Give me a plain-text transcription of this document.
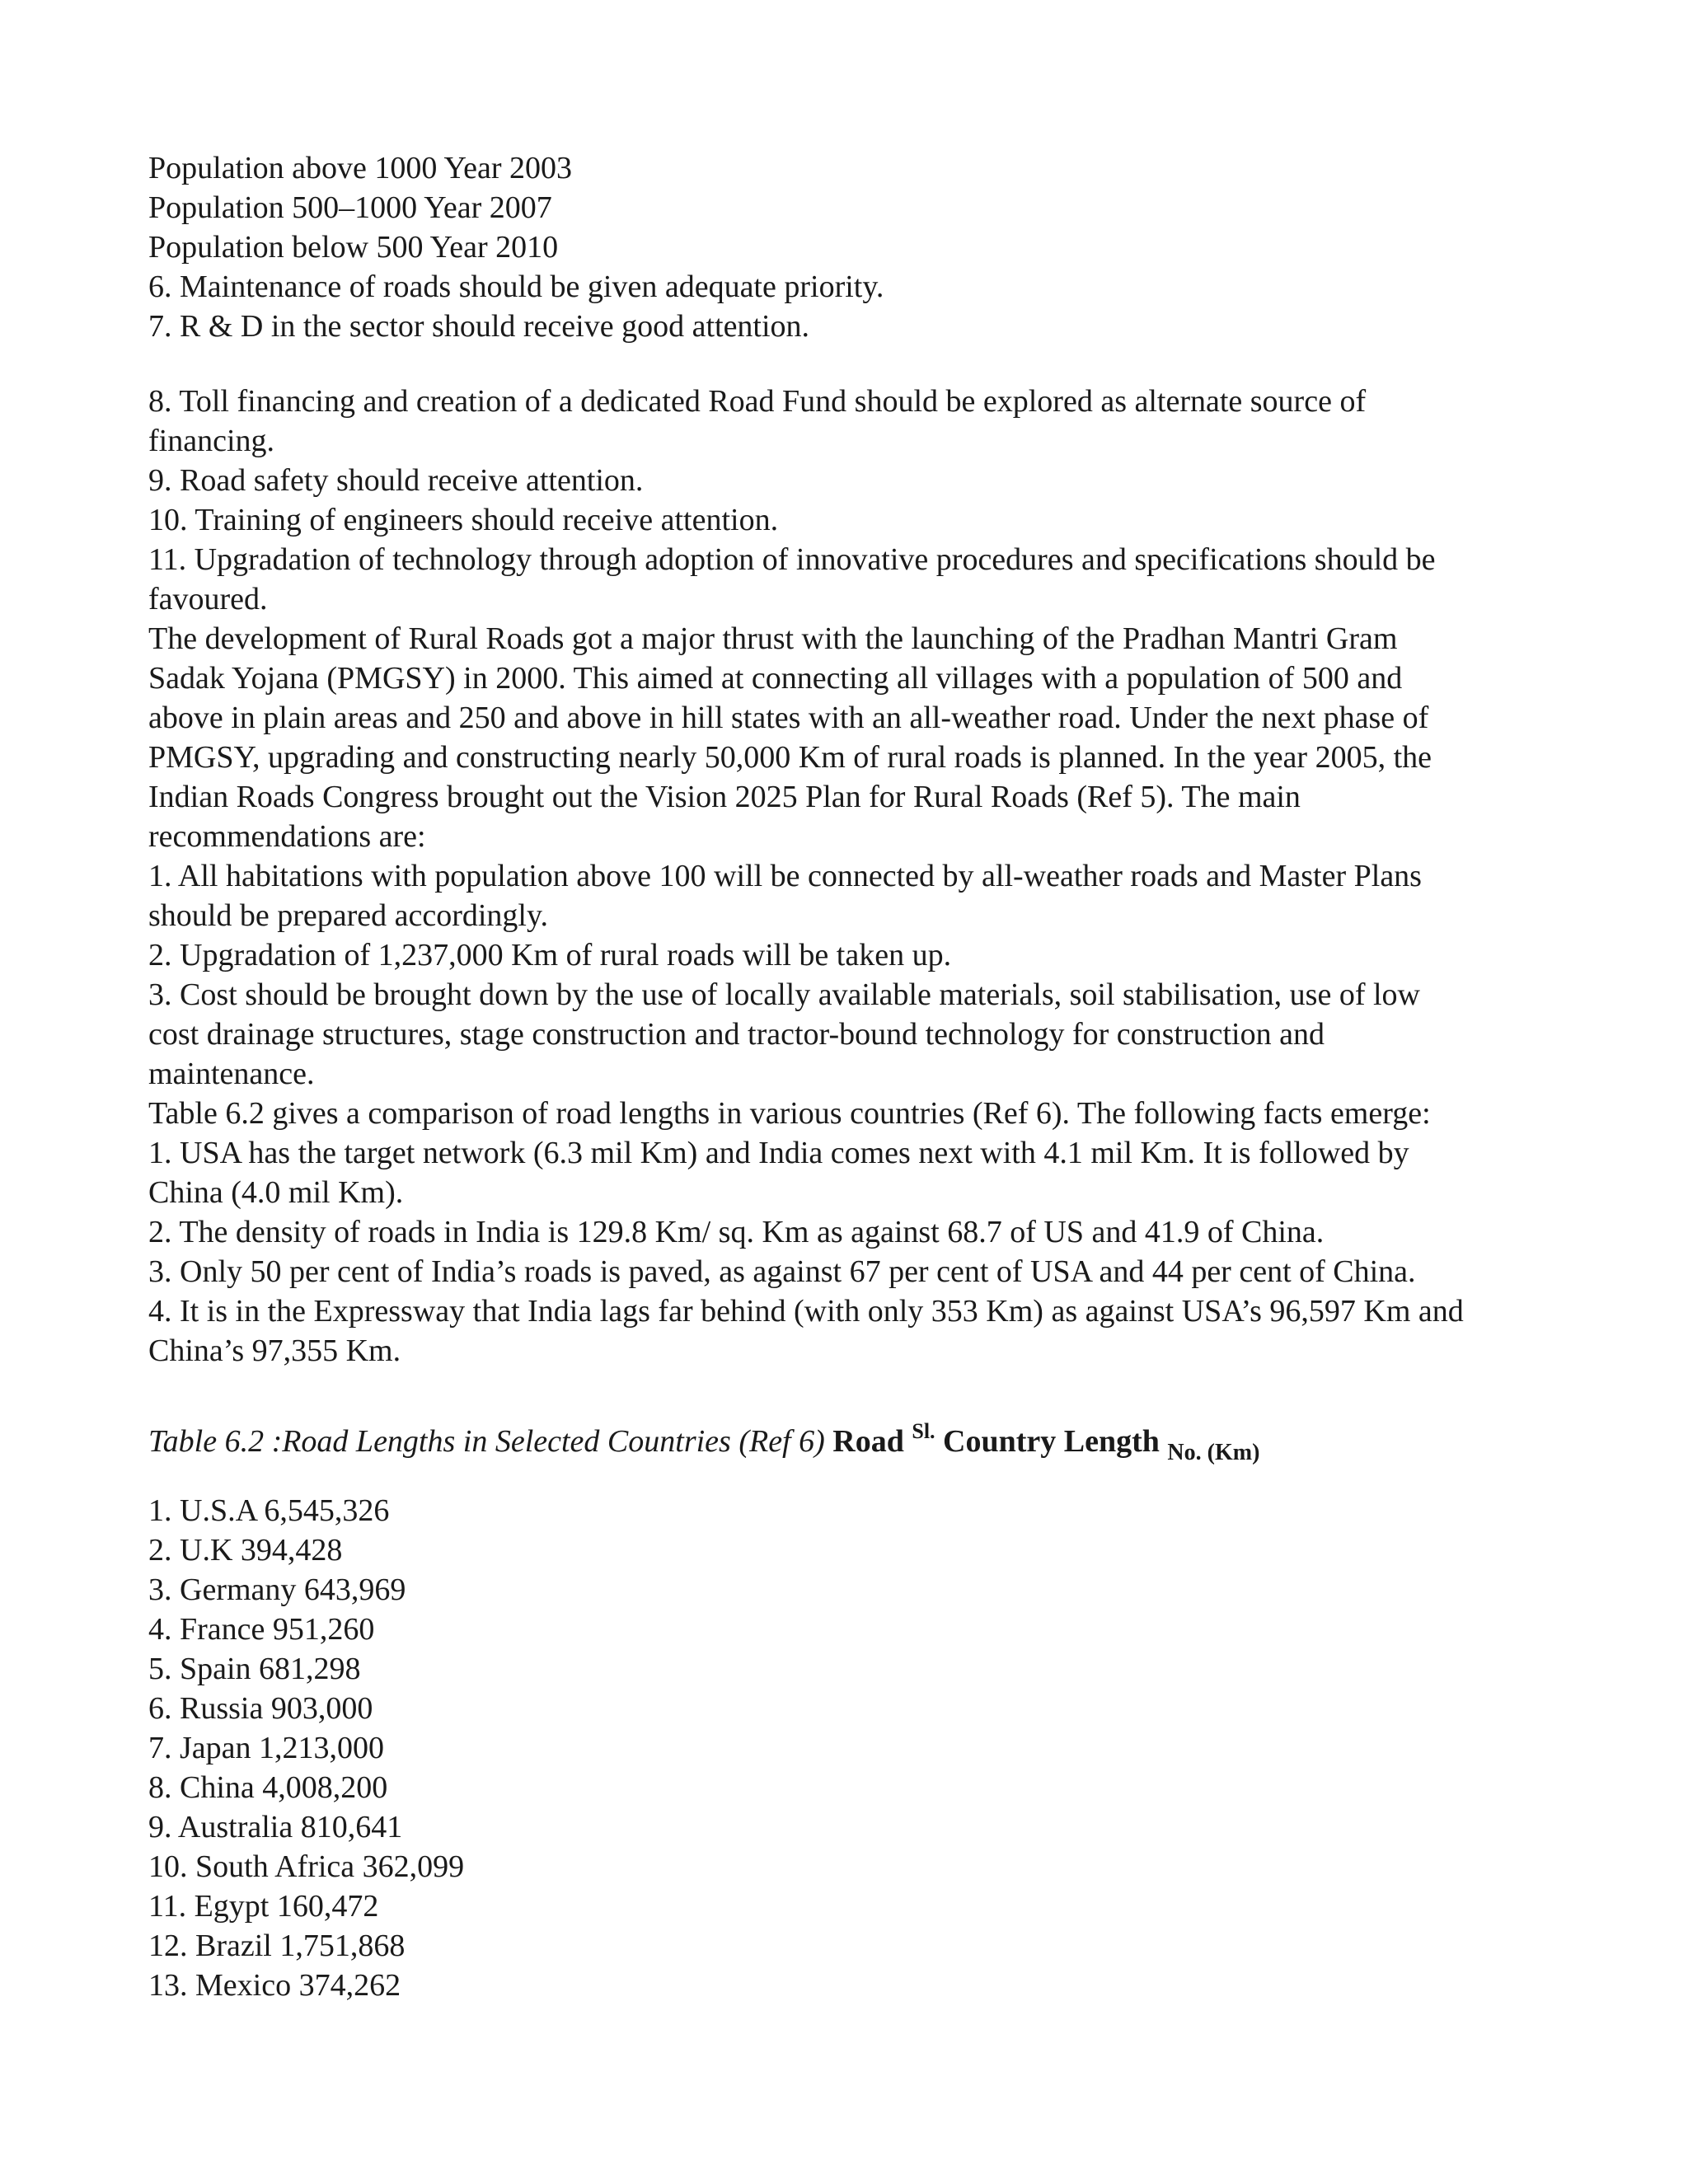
Population above 1000 Year 2003
Population 500–1000 Year 2007
Population below 500 Year 2010
6. Maintenance of roads should be given adequate priority.
7. R & D in the sector should receive good attention.
8. Toll financing and creation of a dedicated Road Fund should be explored as alternate source of
financing.
9. Road safety should receive attention.
10. Training of engineers should receive attention.
11. Upgradation of technology through adoption of innovative procedures and specifications should be
favoured.
The development of Rural Roads got a major thrust with the launching of the Pradhan Mantri Gram
Sadak Yojana (PMGSY) in 2000. This aimed at connecting all villages with a population of 500 and
above in plain areas and 250 and above in hill states with an all-weather road. Under the next phase of
PMGSY, upgrading and constructing nearly 50,000 Km of rural roads is planned. In the year 2005, the
Indian Roads Congress brought out the Vision 2025 Plan for Rural Roads (Ref 5). The main
recommendations are:
1. All habitations with population above 100 will be connected by all-weather roads and Master Plans
should be prepared accordingly.
2. Upgradation of 1,237,000 Km of rural roads will be taken up.
3. Cost should be brought down by the use of locally available materials, soil stabilisation, use of low
cost drainage structures, stage construction and tractor-bound technology for construction and
maintenance.
Table 6.2 gives a comparison of road lengths in various countries (Ref 6). The following facts emerge:
1. USA has the target network (6.3 mil Km) and India comes next with 4.1 mil Km. It is followed by
China (4.0 mil Km).
2. The density of roads in India is 129.8 Km/ sq. Km as against 68.7 of US and 41.9 of China.
3. Only 50 per cent of India’s roads is paved, as against 67 per cent of USA and 44 per cent of China.
4. It is in the Expressway that India lags far behind (with only 353 Km) as against USA’s 96,597 Km and
China’s 97,355 Km.
Table 6.2 :Road Lengths in Selected Countries (Ref 6) Road $^{Sl.}$ Country Length $_{No. (Km)}$
1. U.S.A 6,545,326
2. U.K 394,428
3. Germany 643,969
4. France 951,260
5. Spain 681,298
6. Russia 903,000
7. Japan 1,213,000
8. China 4,008,200
9. Australia 810,641
10. South Africa 362,099
11. Egypt 160,472
12. Brazil 1,751,868
13. Mexico 374,262
